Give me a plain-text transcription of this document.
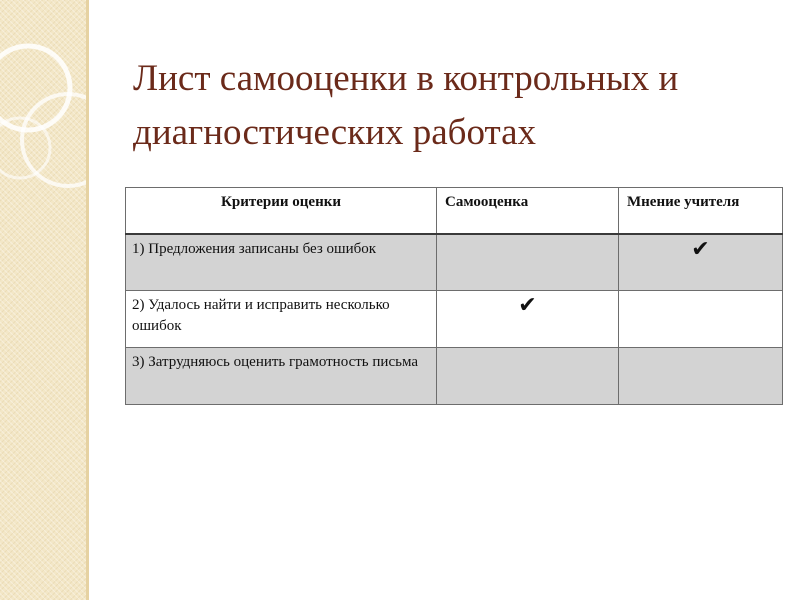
Лист самооценки в контрольных и диагностических работах
Критерии оценки	Самооценка	Мнение учителя
1) Предложения записаны без ошибок		✔
2) Удалось найти и исправить несколько ошибок	✔	
3) Затрудняюсь оценить грамотность письма		
